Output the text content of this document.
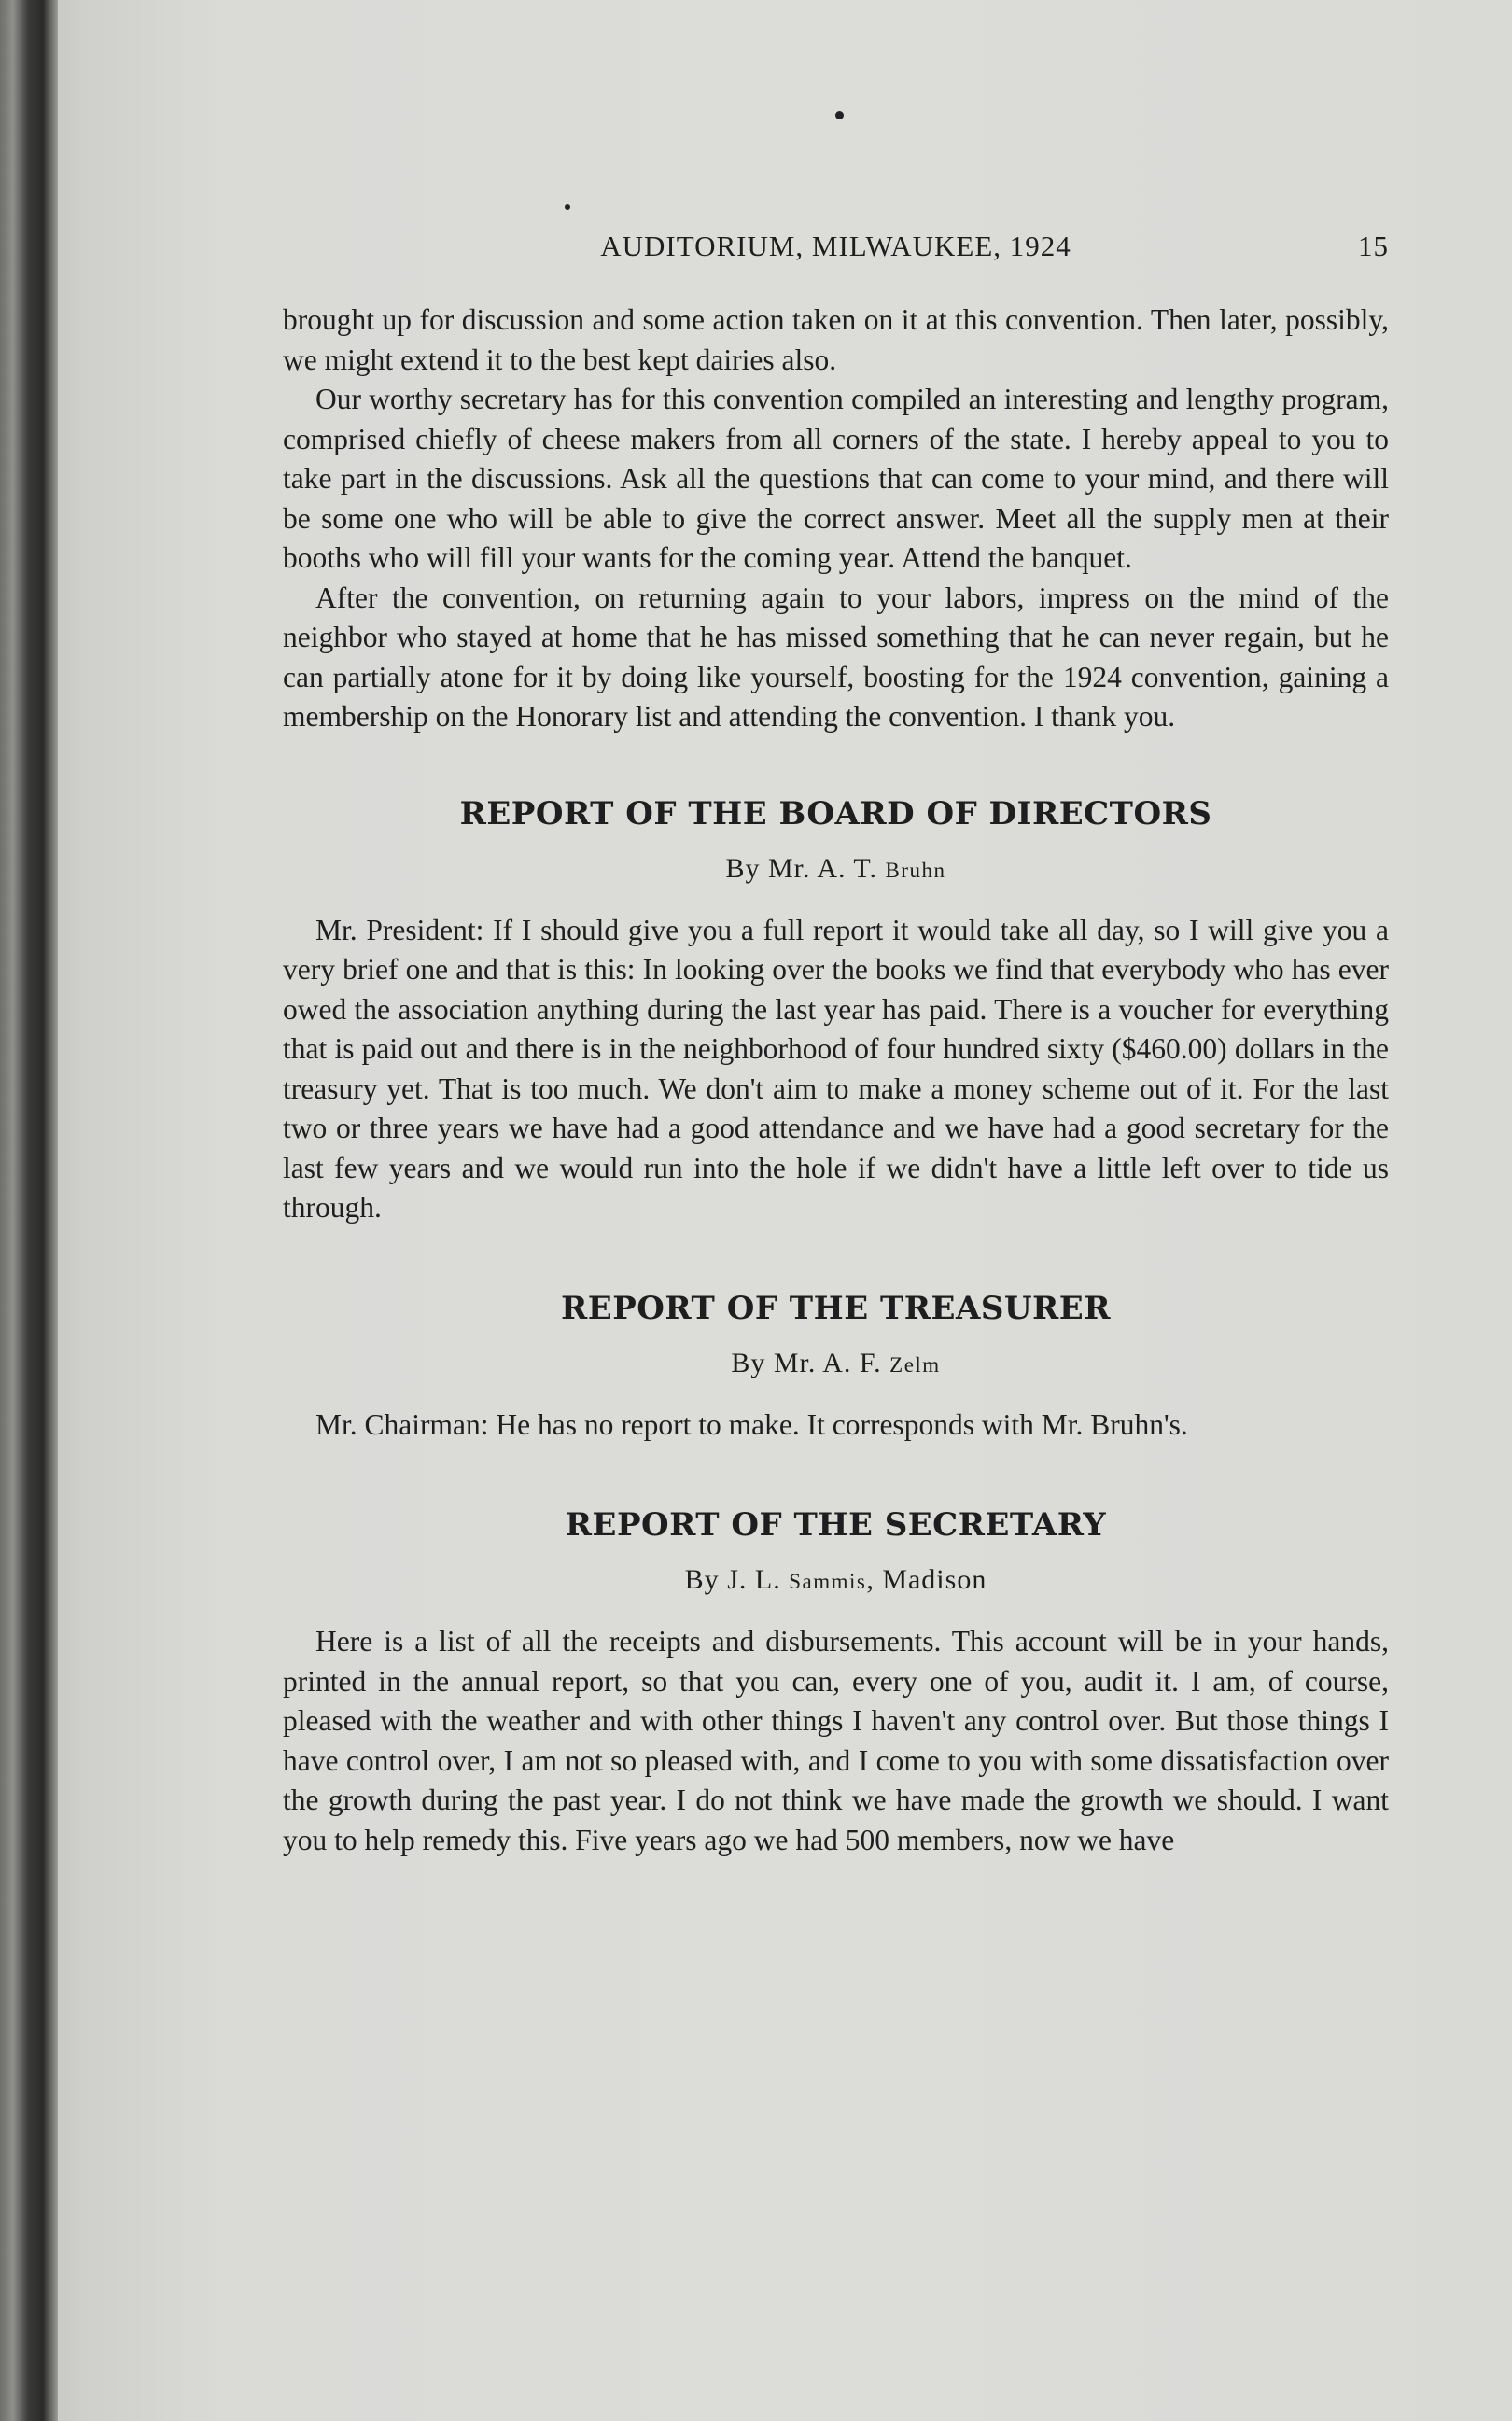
AUDITORIUM, MILWAUKEE, 1924	15

brought up for discussion and some action taken on it at this convention. Then later, possibly, we might extend it to the best kept dairies also.

Our worthy secretary has for this convention compiled an interesting and lengthy program, comprised chiefly of cheese makers from all corners of the state. I hereby appeal to you to take part in the discussions. Ask all the questions that can come to your mind, and there will be some one who will be able to give the correct answer. Meet all the supply men at their booths who will fill your wants for the coming year. Attend the banquet.

After the convention, on returning again to your labors, impress on the mind of the neighbor who stayed at home that he has missed something that he can never regain, but he can partially atone for it by doing like yourself, boosting for the 1924 convention, gaining a membership on the Honorary list and attending the convention. I thank you.

REPORT OF THE BOARD OF DIRECTORS
By Mr. A. T. Bruhn

Mr. President: If I should give you a full report it would take all day, so I will give you a very brief one and that is this: In looking over the books we find that everybody who has ever owed the association anything during the last year has paid. There is a voucher for everything that is paid out and there is in the neighborhood of four hundred sixty ($460.00) dollars in the treasury yet. That is too much. We don't aim to make a money scheme out of it. For the last two or three years we have had a good attendance and we have had a good secretary for the last few years and we would run into the hole if we didn't have a little left over to tide us through.

REPORT OF THE TREASURER
By Mr. A. F. Zelm

Mr. Chairman: He has no report to make. It corresponds with Mr. Bruhn's.

REPORT OF THE SECRETARY
By J. L. Sammis, Madison

Here is a list of all the receipts and disbursements. This account will be in your hands, printed in the annual report, so that you can, every one of you, audit it. I am, of course, pleased with the weather and with other things I haven't any control over. But those things I have control over, I am not so pleased with, and I come to you with some dissatisfaction over the growth during the past year. I do not think we have made the growth we should. I want you to help remedy this. Five years ago we had 500 members, now we have
